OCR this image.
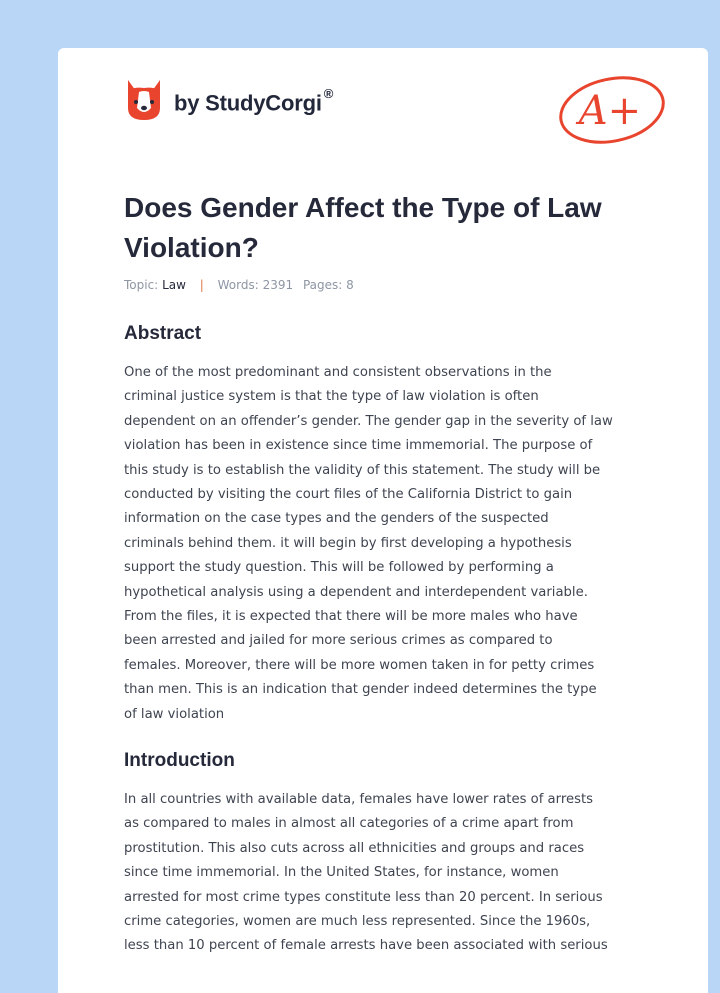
by StudyCorgi ®	A+
Does Gender Affect the Type of Law Violation?
Topic: Law | Words: 2391 Pages: 8
Abstract

One of the most predominant and consistent observations in the
criminal justice system is that the type of law violation is often
dependent on an offender’s gender. The gender gap in the severity of law
violation has been in existence since time immemorial. The purpose of
this study is to establish the validity of this statement. The study will be
conducted by visiting the court files of the California District to gain
information on the case types and the genders of the suspected
criminals behind them. it will begin by first developing a hypothesis
support the study question. This will be followed by performing a
hypothetical analysis using a dependent and interdependent variable.
From the files, it is expected that there will be more males who have
been arrested and jailed for more serious crimes as compared to
females. Moreover, there will be more women taken in for petty crimes
than men. This is an indication that gender indeed determines the type
of law violation

Introduction

In all countries with available data, females have lower rates of arrests
as compared to males in almost all categories of a crime apart from
prostitution. This also cuts across all ethnicities and groups and races
since time immemorial. In the United States, for instance, women
arrested for most crime types constitute less than 20 percent. In serious
crime categories, women are much less represented. Since the 1960s,
less than 10 percent of female arrests have been associated with serious
